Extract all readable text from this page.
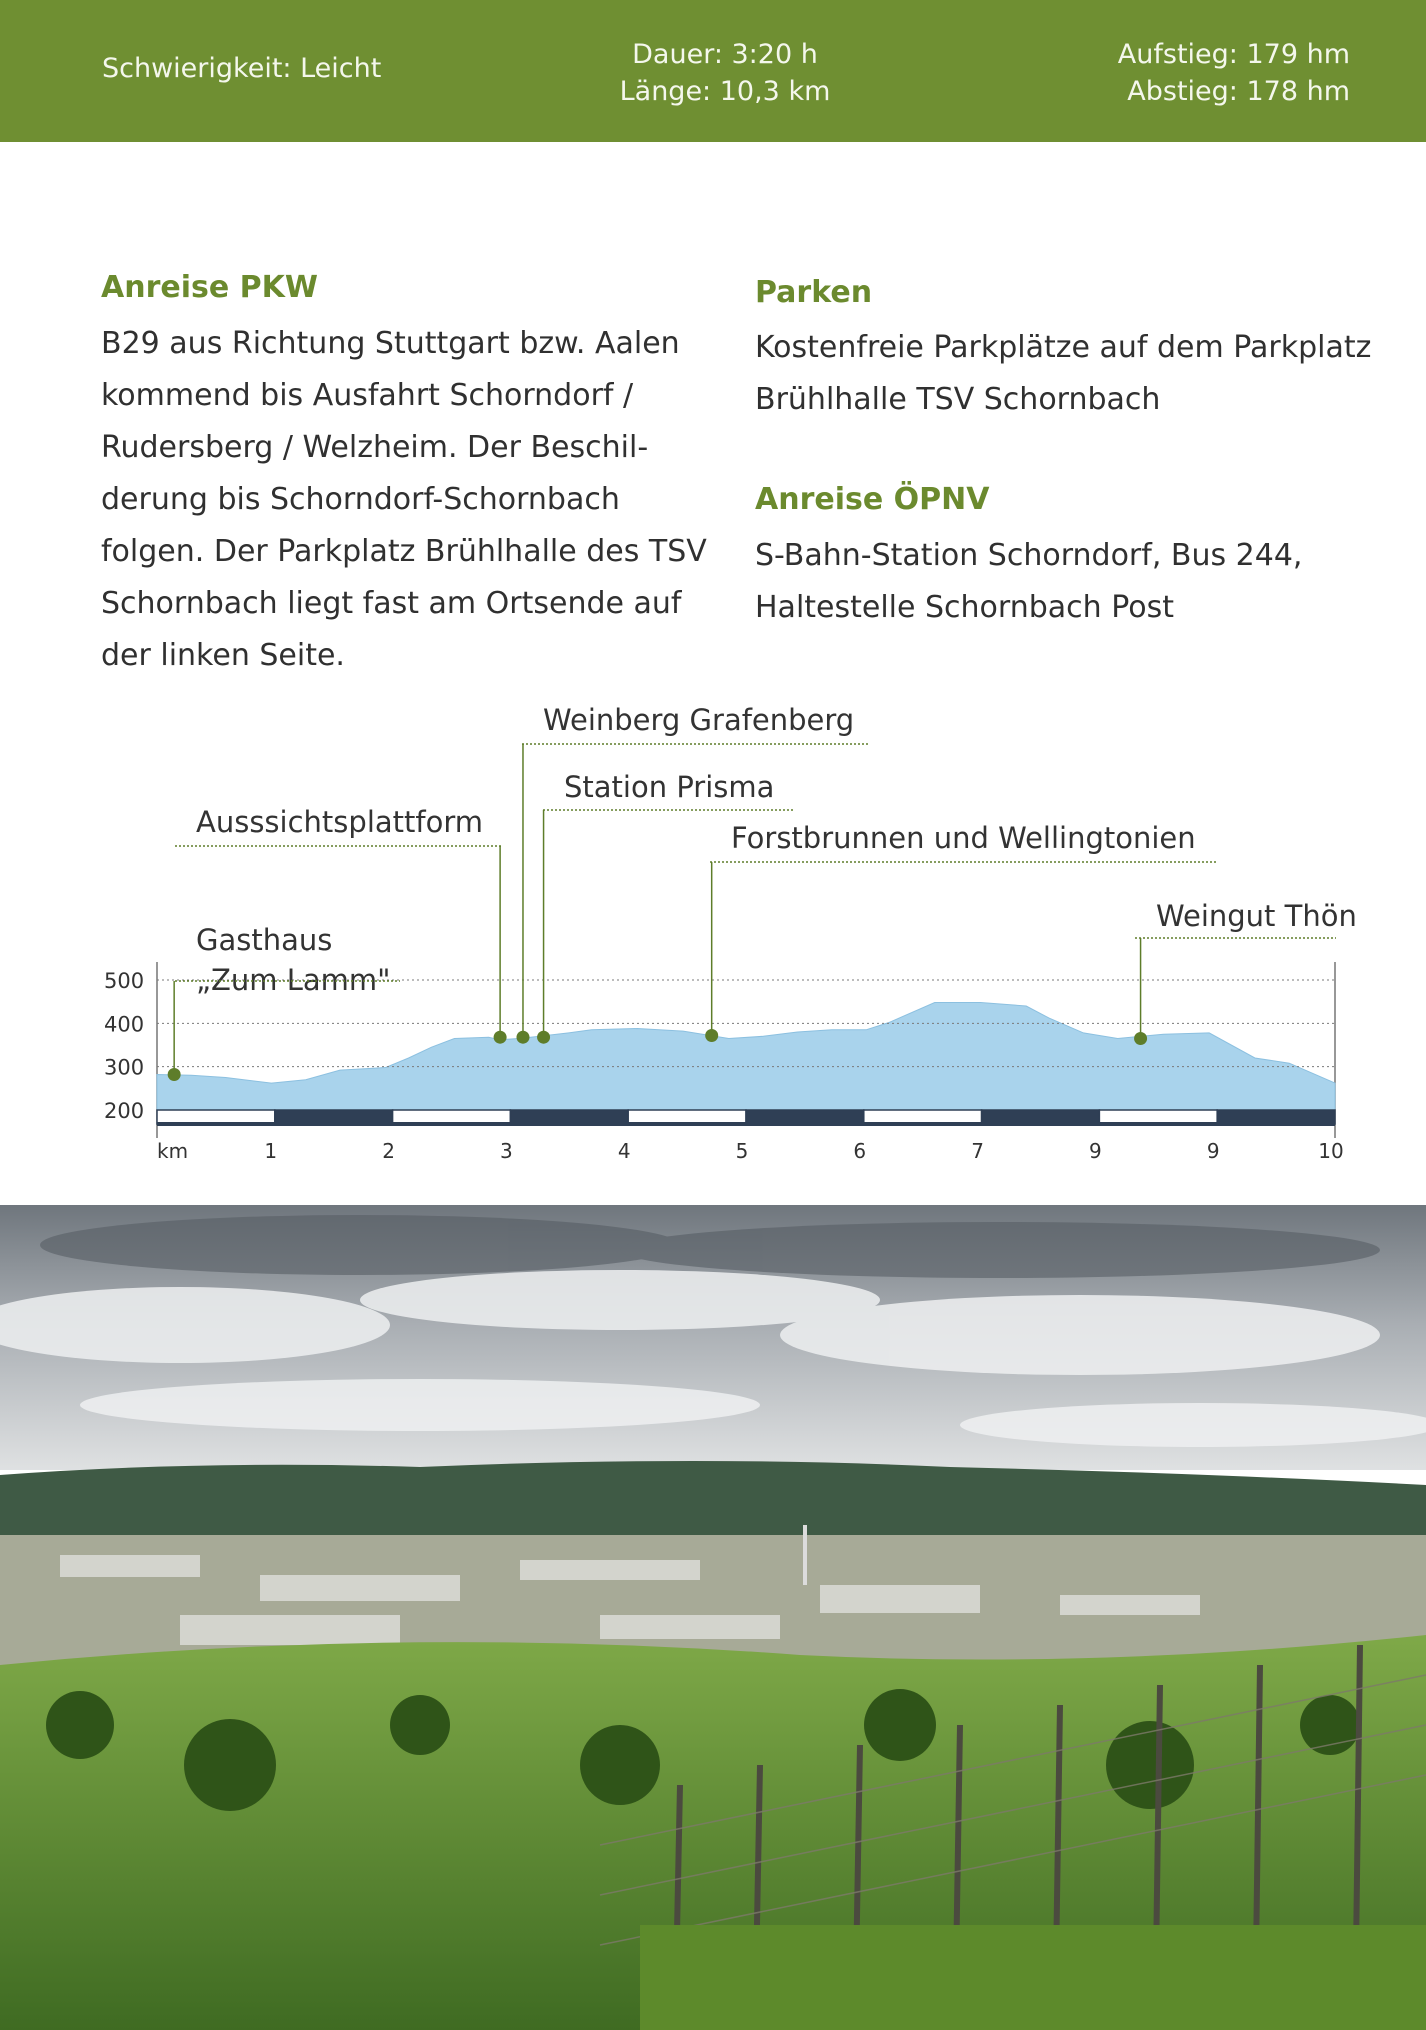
Schwierigkeit: Leicht	Dauer: 3:20 h
Länge: 10,3 km
Aufstieg: 179 hm
Abstieg: 178 hm
Anreise PKW
B29 aus Richtung Stuttgart bzw. Aalen
kommend bis Ausfahrt Schorndorf /
Rudersberg / Welzheim. Der Beschil-
derung bis Schorndorf-Schornbach
folgen. Der Parkplatz Brühlhalle des TSV
Schornbach liegt fast am Ortsende auf
der linken Seite.
Parken
Kostenfreie Parkplätze auf dem Parkplatz
Brühlhalle TSV Schornbach
Anreise ÖPNV
S-Bahn-Station Schorndorf, Bus 244,
Haltestelle Schornbach Post
500
400
300
200
km	1	2	3	4	5	6	7	9	9	10
Gasthaus
„Zum Lamm"
Ausssichtsplattform
Weinberg Grafenberg
Station Prisma
Forstbrunnen und Wellingtonien
Weingut Thön
